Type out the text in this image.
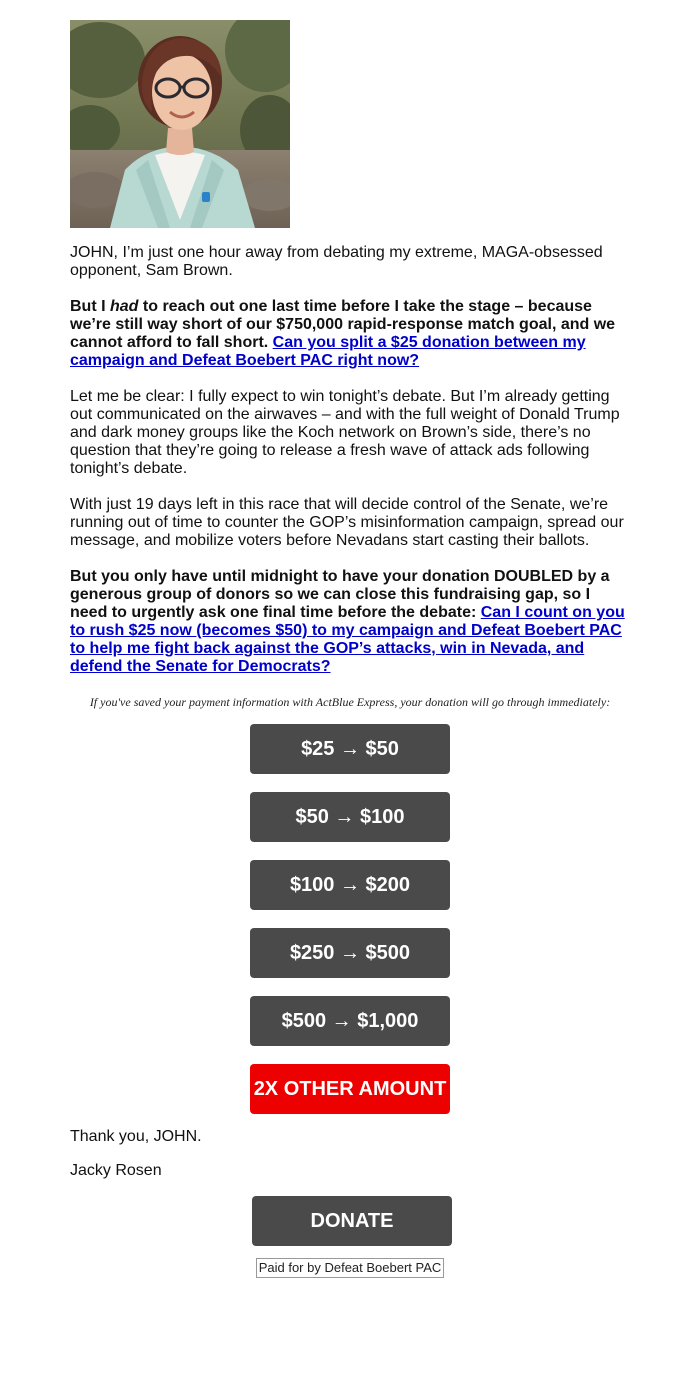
JOHN, I’m just one hour away from debating my extreme, MAGA-obsessed opponent, Sam Brown.

But I had to reach out one last time before I take the stage – because we’re still way short of our $750,000 rapid-response match goal, and we cannot afford to fall short. Can you split a $25 donation between my campaign and Defeat Boebert PAC right now?

Let me be clear: I fully expect to win tonight’s debate. But I’m already getting out communicated on the airwaves – and with the full weight of Donald Trump and dark money groups like the Koch network on Brown’s side, there’s no question that they’re going to release a fresh wave of attack ads following tonight’s debate.

With just 19 days left in this race that will decide control of the Senate, we’re running out of time to counter the GOP’s misinformation campaign, spread our message, and mobilize voters before Nevadans start casting their ballots.

But you only have until midnight to have your donation DOUBLED by a generous group of donors so we can close this fundraising gap, so I need to urgently ask one final time before the debate: Can I count on you to rush $25 now (becomes $50) to my campaign and Defeat Boebert PAC to help me fight back against the GOP’s attacks, win in Nevada, and defend the Senate for Democrats?

If you've saved your payment information with ActBlue Express, your donation will go through immediately:
$25 → $50
$50 → $100
$100 → $200
$250 → $500
$500 → $1,000
2X OTHER AMOUNT

Thank you, JOHN.

Jacky Rosen

DONATE
Paid for by Defeat Boebert PAC
